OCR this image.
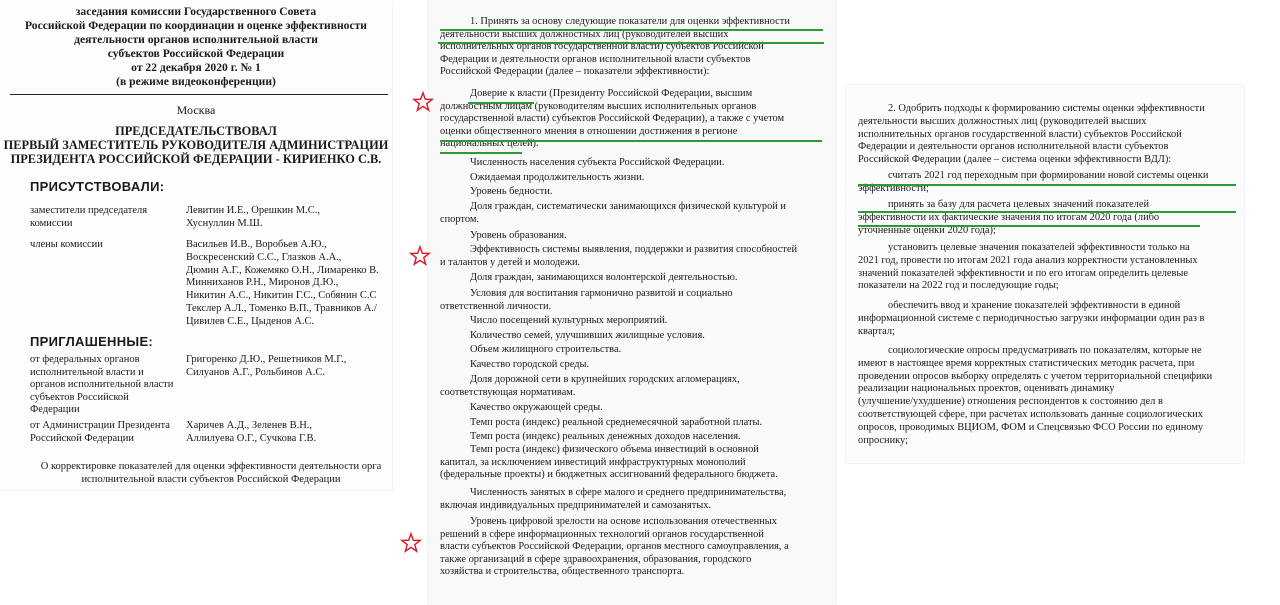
заседания комиссии Государственного Совета
Российской Федерации по координации и оценке эффективности
деятельности органов исполнительной власти
субъектов Российской Федерации
от 22 декабря 2020 г. № 1
(в режиме видеоконференции)
Москва
ПРЕДСЕДАТЕЛЬСТВОВАЛ
ПЕРВЫЙ ЗАМЕСТИТЕЛЬ РУКОВОДИТЕЛЯ АДМИНИСТРАЦИИ
ПРЕЗИДЕНТА РОССИЙСКОЙ ФЕДЕРАЦИИ - КИРИЕНКО С.В.
ПРИСУТСТВОВАЛИ:
заместители председателя комиссии
Левитин И.Е., Орешкин М.С.,
Хуснуллин М.Ш.
члены комиссии	Васильев И.В., Воробьев А.Ю.,
Воскресенский С.С., Глазков А.А.,
Дюмин А.Г., Кожемяко О.Н., Лимаренко В.
Минниханов Р.Н., Миронов Д.Ю.,
Никитин А.С., Никитин Г.С., Собянин С.С
Текслер А.Л., Томенко В.П., Травников А./
Цивилев С.Е., Цыденов А.С.
ПРИГЛАШЕННЫЕ:
от федеральных органов исполнительной власти и органов исполнительной власти субъектов Российской Федерации
Григоренко Д.Ю., Решетников М.Г.,
Силуанов А.Г., Рольбинов А.С.
от Администрации Президента Российской Федерации
Харичев А.Д., Зеленев В.Н.,
Аллилуева О.Г., Сучкова Г.В.
О корректировке показателей для оценки эффективности деятельности орга
исполнительной власти субъектов Российской Федерации
1. Принять за основу следующие показатели для оценки эффективности
деятельности высших должностных лиц (руководителей высших
исполнительных органов государственной власти) субъектов Российской
Федерации и деятельности органов исполнительной власти субъектов
Российской Федерации (далее – показатели эффективности):
Доверие к власти (Президенту Российской Федерации, высшим
должностным лицам (руководителям высших исполнительных органов
государственной власти) субъектов Российской Федерации), а также с учетом
оценки общественного мнения в отношении достижения в регионе
национальных целей).
Численность населения субъекта Российской Федерации.
Ожидаемая продолжительность жизни.
Уровень бедности.
Доля граждан, систематически занимающихся физической культурой и
спортом.
Уровень образования.
Эффективность системы выявления, поддержки и развития способностей
и талантов у детей и молодежи.
Доля граждан, занимающихся волонтерской деятельностью.
Условия для воспитания гармонично развитой и социально
ответственной личности.
Число посещений культурных мероприятий.
Количество семей, улучшивших жилищные условия.
Объем жилищного строительства.
Качество городской среды.
Доля дорожной сети в крупнейших городских агломерациях,
соответствующая нормативам.
Качество окружающей среды.
Темп роста (индекс) реальной среднемесячной заработной платы.
Темп роста (индекс) реальных денежных доходов населения.
Темп роста (индекс) физического объема инвестиций в основной
капитал, за исключением инвестиций инфраструктурных монополий
(федеральные проекты) и бюджетных ассигнований федерального бюджета.
Численность занятых в сфере малого и среднего предпринимательства,
включая индивидуальных предпринимателей и самозанятых.
Уровень цифровой зрелости на основе использования отечественных
решений в сфере информационных технологий органов государственной
власти субъектов Российской Федерации, органов местного самоуправления, а
также организаций в сфере здравоохранения, образования, городского
хозяйства и строительства, общественного транспорта.
2. Одобрить подходы к формированию системы оценки эффективности
деятельности высших должностных лиц (руководителей высших
исполнительных органов государственной власти) субъектов Российской
Федерации и деятельности органов исполнительной власти субъектов
Российской Федерации (далее – система оценки эффективности ВДЛ):
считать 2021 год переходным при формировании новой системы оценки
эффективности;
принять за базу для расчета целевых значений показателей
эффективности их фактические значения по итогам 2020 года (либо
уточненные оценки 2020 года);
установить целевые значения показателей эффективности только на
2021 год, провести по итогам 2021 года анализ корректности установленных
значений показателей эффективности и по его итогам определить целевые
показатели на 2022 год и последующие годы;
обеспечить ввод и хранение показателей эффективности в единой
информационной системе с периодичностью загрузки информации один раз в
квартал;
социологические опросы предусматривать по показателям, которые не
имеют в настоящее время корректных статистических методик расчета, при
проведении опросов выборку определять с учетом территориальной специфики
реализации национальных проектов, оценивать динамику
(улучшение/ухудшение) отношения респондентов к состоянию дел в
соответствующей сфере, при расчетах использовать данные социологических
опросов, проводимых ВЦИОМ, ФОМ и Спецсвязью ФСО России по единому
опроснику;
